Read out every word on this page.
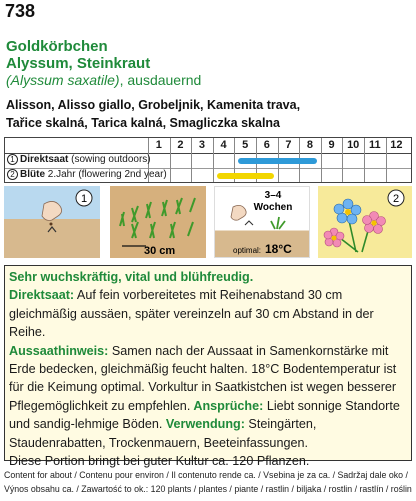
738
Goldkörbchen
Alyssum, Steinkraut
(Alyssum saxatile), ausdauernd
Alisson, Alisso giallo, Grobeljnik, Kamenita trava,
Tařice skalná, Tarica kalná, Smagliczka skalna
1	2	3	4	5	6	7	8	9	10 11 12
1 Direktsaat (sowing outdoors)
2 Blüte 2.Jahr (flowering 2nd year)
1
30 cm
3–4
Wochen
optimal: 18°C
2

Sehr wuchskräftig, vital und blühfreudig.

Direktsaat: Auf fein vorbereitetes mit Reihenabstand 30 cm gleichmäßig aussäen, später vereinzeln auf 30 cm Abstand in der Reihe.

Aussaathinweis: Samen nach der Aussaat in Samenkornstärke mit Erde bedecken, gleichmäßig feucht halten. 18°C Bodentemperatur ist für die Keimung optimal. Vorkultur in Saatkistchen ist wegen besserer Pflegemöglichkeit zu empfehlen. Ansprüche: Liebt sonnige Standorte und sandig-lehmige Böden. Verwendung: Steingärten, Staudenrabatten, Trockenmauern, Beeteinfassungen.

Diese Portion bringt bei guter Kultur ca. 120 Pflanzen.

Content for about / Contenu pour environ / Il contenuto rende ca. / Vsebina je za ca. / Sadržaj dale oko /
Výnos obsahu ca. / Zawartość to ok.: 120 plants / plantes / piante / rastlin / biljaka / rostlin / rastlín / roślin
